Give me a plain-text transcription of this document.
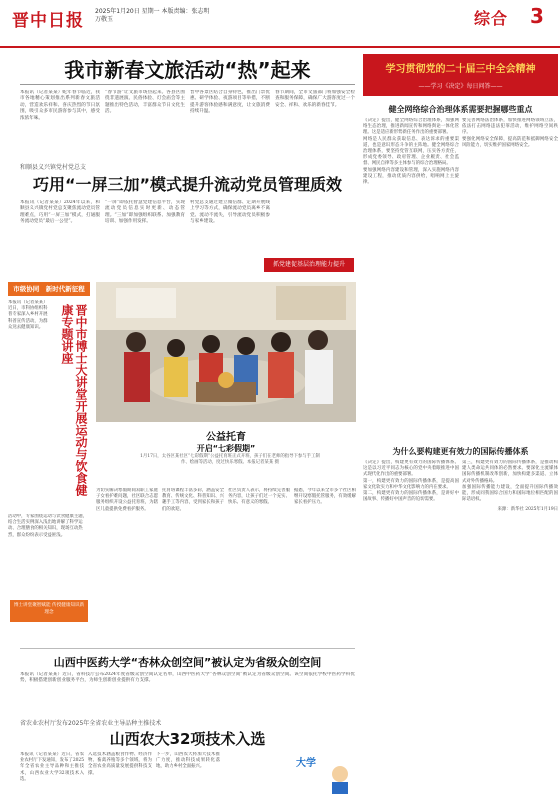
晋中日报 2025年1月20日 星期一 本版责编：张志明 万敬玉	综合 3
我市新春文旅活动“热”起来
本报讯（记者某某）蛇年春节临近，我市各地精心策划推出系列新春文旅活动，营造欢乐祥和、喜庆热烈的节日氛围，吸引众多市民游客参与其中，感受浓浓年味。
“春节游”让文旅市场热起来。各县区围绕非遗展演、民俗体验、灯会庙会等主题推出特色活动，丰富群众节日文化生活。
晋中各景区结合自身特色，推出门票优惠、研学体验、夜游项目等举措，不断提升游客体验感和满意度，让文旅消费持续升温。
春节期间，全市文旅部门将加强安全检查和服务保障，确保广大游客度过一个安全、祥和、欢乐的新春佳节。
学习贯彻党的二十届三中全会精神
——学习《决定》每日问答——
健全网络综合治理体系需要把握哪些重点

《决定》提出，健全网络综合治理体系，加强网络生态治理，推进新闻宣传和网络舆论一体化管理。这是适应新形势新任务作出的重要部署。

网络是人民群众获取信息、表达诉求的重要渠道，也是意识形态斗争的主阵地。健全网络综合治理体系，要坚持党管互联网，压实各方责任，形成党委领导、政府管理、企业履责、社会监督、网民自律等多主体参与的综合治理格局。

要加强网络内容建设和管理，深入实施网络内容建设工程，推动优质内容供给，唱响网上主旋律。

要完善网络法治体系，加快推进网络领域立法，依法打击网络违法犯罪活动，维护网络空间秩序。

要强化网络安全保障，提高防范和抵御网络安全风险能力，切实维护国家网络安全。

为什么要构建更有效力的国际传播体系

《决定》提出，构建更有效力的国际传播体系。这是以习近平同志为核心的党中央着眼推进中国式现代化作出的重要部署。

第一，构建更有效力的国际传播体系，是提高国家文化软实力和中华文化影响力的内在要求。

第二，构建更有效力的国际传播体系，是讲好中国故事、传播好中国声音的迫切需要。

第三，构建更有效力的国际传播体系，是推动构建人类命运共同体的必然要求。要深化主流媒体国际传播机制改革创新，加快构建多渠道、立体式对外传播格局。

加强国际传播能力建设，全面提升国际传播效能，形成同我国综合国力和国际地位相匹配的国际话语权。

来源：新华社 2025年1月19日

和顺县义兴镇党村党总支
巧用“一屏三加”模式提升流动党员管理质效
本报讯（记者某某）2024年以来，和顺县义兴镇党村党总支聚焦流动党员管理难点，巧用“一屏三加”模式，打通服务流动党员“最后一公里”。
“一屏”即依托智慧党建信息平台，实现流动党员信息实时更新、动态管理。“三加”即加强组织联系、加强教育培训、加强作用发挥。
村党总支通过建立微信群、定期开展线上学习等方式，确保流动党员离乡不离党、流动不流失，引导流动党员积极参与家乡建设。
抓党建促基层治理能力提升
市级协同　新时代新征程
本报讯（记者某某）近日，市科协组织科普专家深入乡村开展科普宣传活动，为群众送去健康知识。	晋中市博士大讲堂开展运动与饮食健康专题讲座
活动中，专家围绕运动与饮食健康主题，结合生活实例深入浅出地讲解了科学运动、合理膳食的相关知识，现场互动热烈，群众纷纷表示受益匪浅。
博士讲堂聚智赋能 传授健康知识新理念
公益托育
开启“七彩假期”
1月17日，太谷区某社区“七彩假期”公益托育班正式开班，孩子们在老师的指导下参与手工制作、绘画等活动，度过快乐寒假。本报记者某某 摄
为切实解决寒假期间双职工家庭子女看护难问题，社区联合志愿服务组织开设公益托育班，为辖区儿童提供免费看护服务。
托育班课程丰富多彩，涵盖安全教育、传统文化、科普知识、兴趣手工等内容，受到家长和孩子们的欢迎。
社区负责人表示，将持续完善服务内容，让孩子们过一个充实、快乐、有意义的寒假。
据悉，今年以来全市多个社区相继开设寒假托管服务，有效缓解家长看护压力。
山西中医药大学“杏林众创空间”被认定为省级众创空间
本报讯（记者某某）近日，省科技厅公布2024年度省级众创空间认定名单，山西中医药大学“杏林众创空间”被认定为省级众创空间。该空间依托学校中医药学科优势，积极搭建创新创业服务平台，为师生创新创业提供有力支撑。
省农业农村厅发布2025年全省农业主导品种主推技术
山西农大32项技术入选
本报讯（记者某某）近日，省农业农村厅下发通知，发布了2025年全省农业主导品种和主推技术，山西农业大学32项技术入选。
入选技术涵盖粮食作物、经济作物、畜禽养殖等多个领域，将为全省农业高质量发展提供科技支撑。
下一步，山西农大将加大技术推广力度，推动科技成果转化落地，助力乡村全面振兴。	大学
